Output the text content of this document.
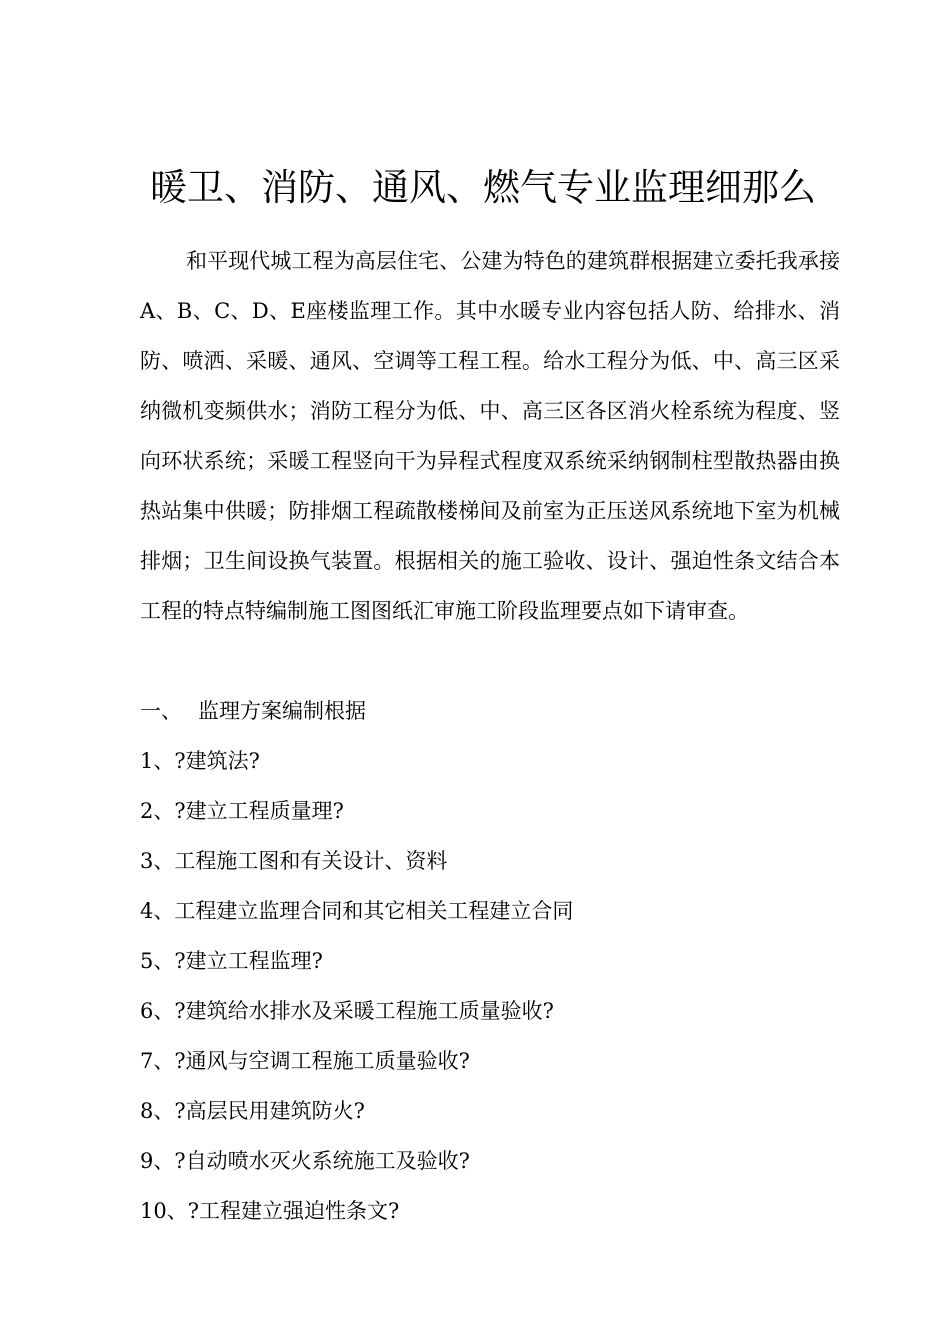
暖卫、消防、通风、燃气专业监理细那么

和平现代城工程为高层住宅、公建为特色的建筑群根据建立委托我承接A、B、C、D、E座楼监理工作。其中水暖专业内容包括人防、给排水、消防、喷洒、采暖、通风、空调等工程工程。给水工程分为低、中、高三区采纳微机变频供水；消防工程分为低、中、高三区各区消火栓系统为程度、竖向环状系统；采暖工程竖向干为异程式程度双系统采纳钢制柱型散热器由换热站集中供暖；防排烟工程疏散楼梯间及前室为正压送风系统地下室为机械排烟；卫生间设换气装置。根据相关的施工验收、设计、强迫性条文结合本工程的特点特编制施工图图纸汇审施工阶段监理要点如下请审查。

一、 监理方案编制根据
1、?建筑法?
2、?建立工程质量理?
3、工程施工图和有关设计、资料
4、工程建立监理合同和其它相关工程建立合同
5、?建立工程监理?
6、?建筑给水排水及采暖工程施工质量验收?
7、?通风与空调工程施工质量验收?
8、?高层民用建筑防火?
9、?自动喷水灭火系统施工及验收?
10、?工程建立强迫性条文?
